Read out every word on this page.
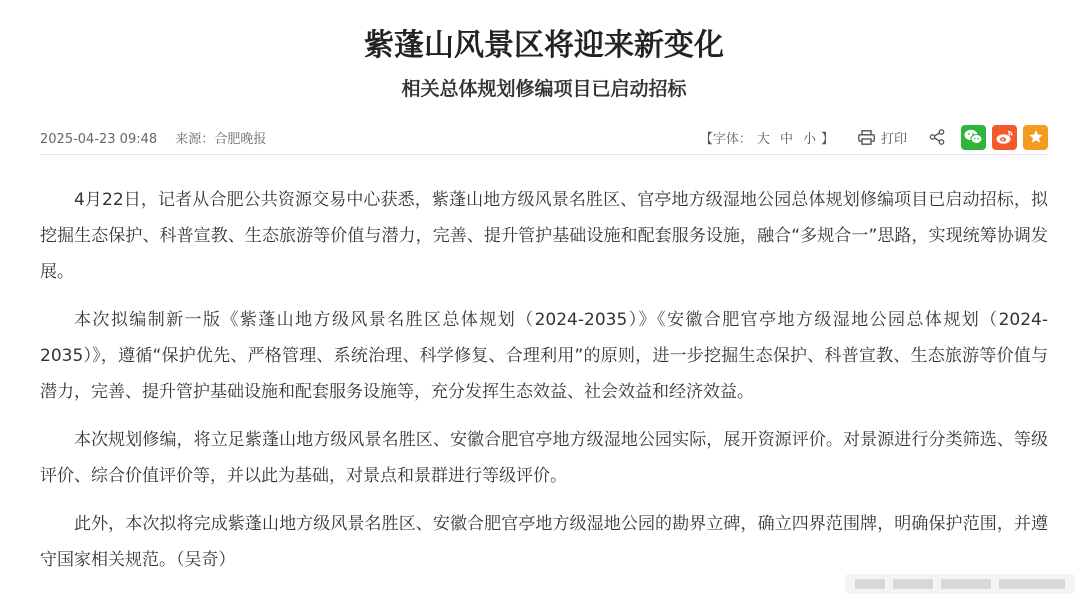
紫蓬山风景区将迎来新变化
相关总体规划修编项目已启动招标
2025-04-23 09:48 来源：合肥晚报	【 字体： 大 中 小 】	打印

4月22日，记者从合肥公共资源交易中心获悉，紫蓬山地方级风景名胜区、官亭地方级湿地公园总体规划修编项目已启动招标，拟挖掘生态保护、科普宣教、生态旅游等价值与潜力，完善、提升管护基础设施和配套服务设施，融合“多规合一”思路，实现统筹协调发展。

本次拟编制新一版《紫蓬山地方级风景名胜区总体规划（2024-2035）》《安徽合肥官亭地方级湿地公园总体规划（2024-2035）》，遵循“保护优先、严格管理、系统治理、科学修复、合理利用”的原则，进一步挖掘生态保护、科普宣教、生态旅游等价值与潜力，完善、提升管护基础设施和配套服务设施等，充分发挥生态效益、社会效益和经济效益。

本次规划修编，将立足紫蓬山地方级风景名胜区、安徽合肥官亭地方级湿地公园实际，展开资源评价。对景源进行分类筛选、等级评价、综合价值评价等，并以此为基础，对景点和景群进行等级评价。

此外，本次拟将完成紫蓬山地方级风景名胜区、安徽合肥官亭地方级湿地公园的勘界立碑，确立四界范围牌，明确保护范围，并遵守国家相关规范。（吴奇）
